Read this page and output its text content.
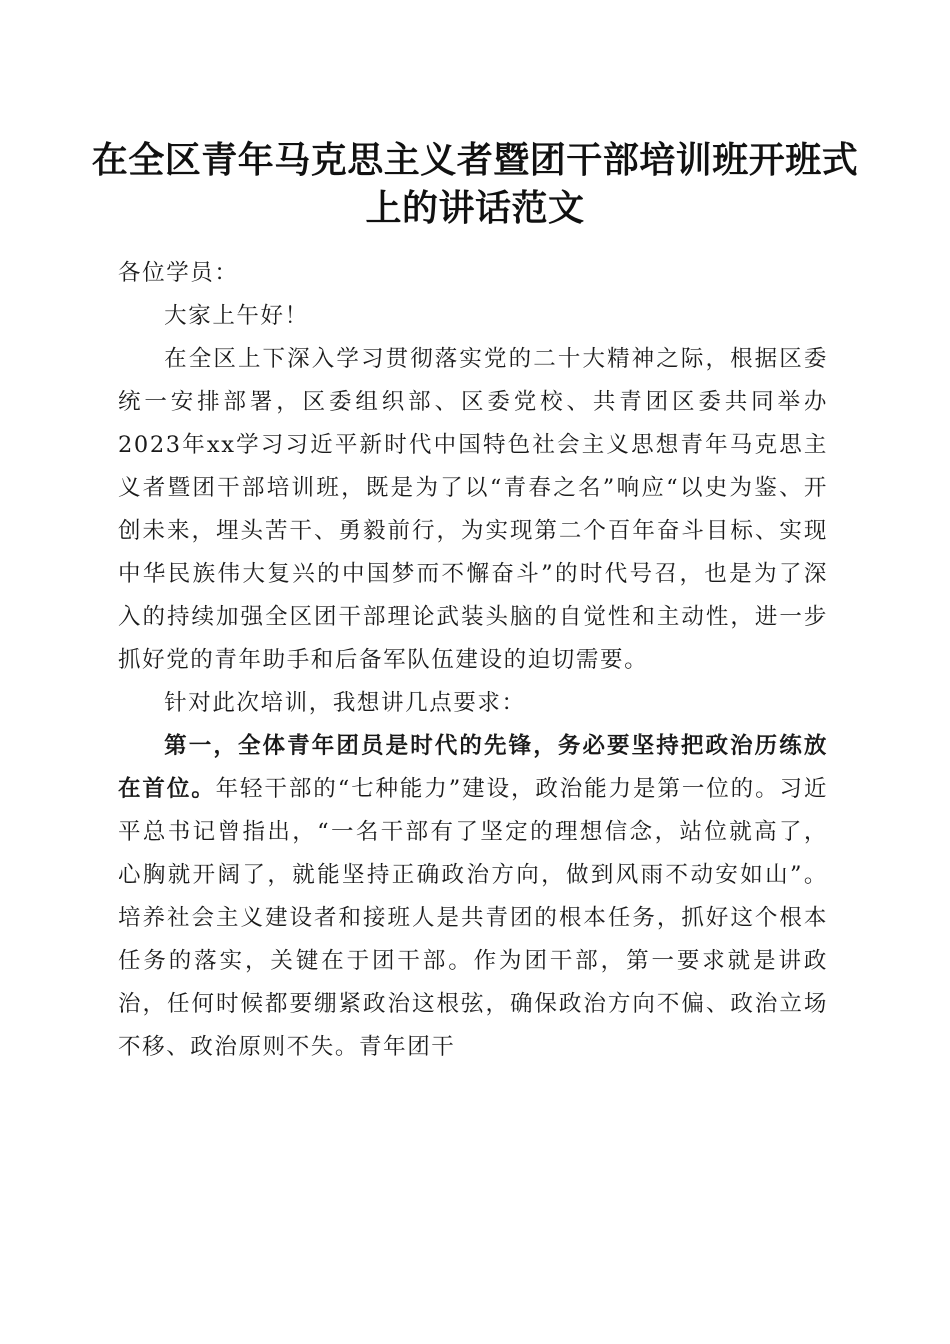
在全区青年马克思主义者暨团干部培训班开班式上的讲话范文

各位学员：

大家上午好！

在全区上下深入学习贯彻落实党的二十大精神之际，根据区委统一安排部署，区委组织部、区委党校、共青团区委共同举办2023年xx学习习近平新时代中国特色社会主义思想青年马克思主义者暨团干部培训班，既是为了以“青春之名”响应“以史为鉴、开创未来，埋头苦干、勇毅前行，为实现第二个百年奋斗目标、实现中华民族伟大复兴的中国梦而不懈奋斗”的时代号召，也是为了深入的持续加强全区团干部理论武装头脑的自觉性和主动性，进一步抓好党的青年助手和后备军队伍建设的迫切需要。

针对此次培训，我想讲几点要求：

第一，全体青年团员是时代的先锋，务必要坚持把政治历练放在首位。年轻干部的“七种能力”建设，政治能力是第一位的。习近平总书记曾指出，“一名干部有了坚定的理想信念，站位就高了，心胸就开阔了，就能坚持正确政治方向，做到风雨不动安如山”。培养社会主义建设者和接班人是共青团的根本任务，抓好这个根本任务的落实，关键在于团干部。作为团干部，第一要求就是讲政治，任何时候都要绷紧政治这根弦，确保政治方向不偏、政治立场不移、政治原则不失。青年团干
